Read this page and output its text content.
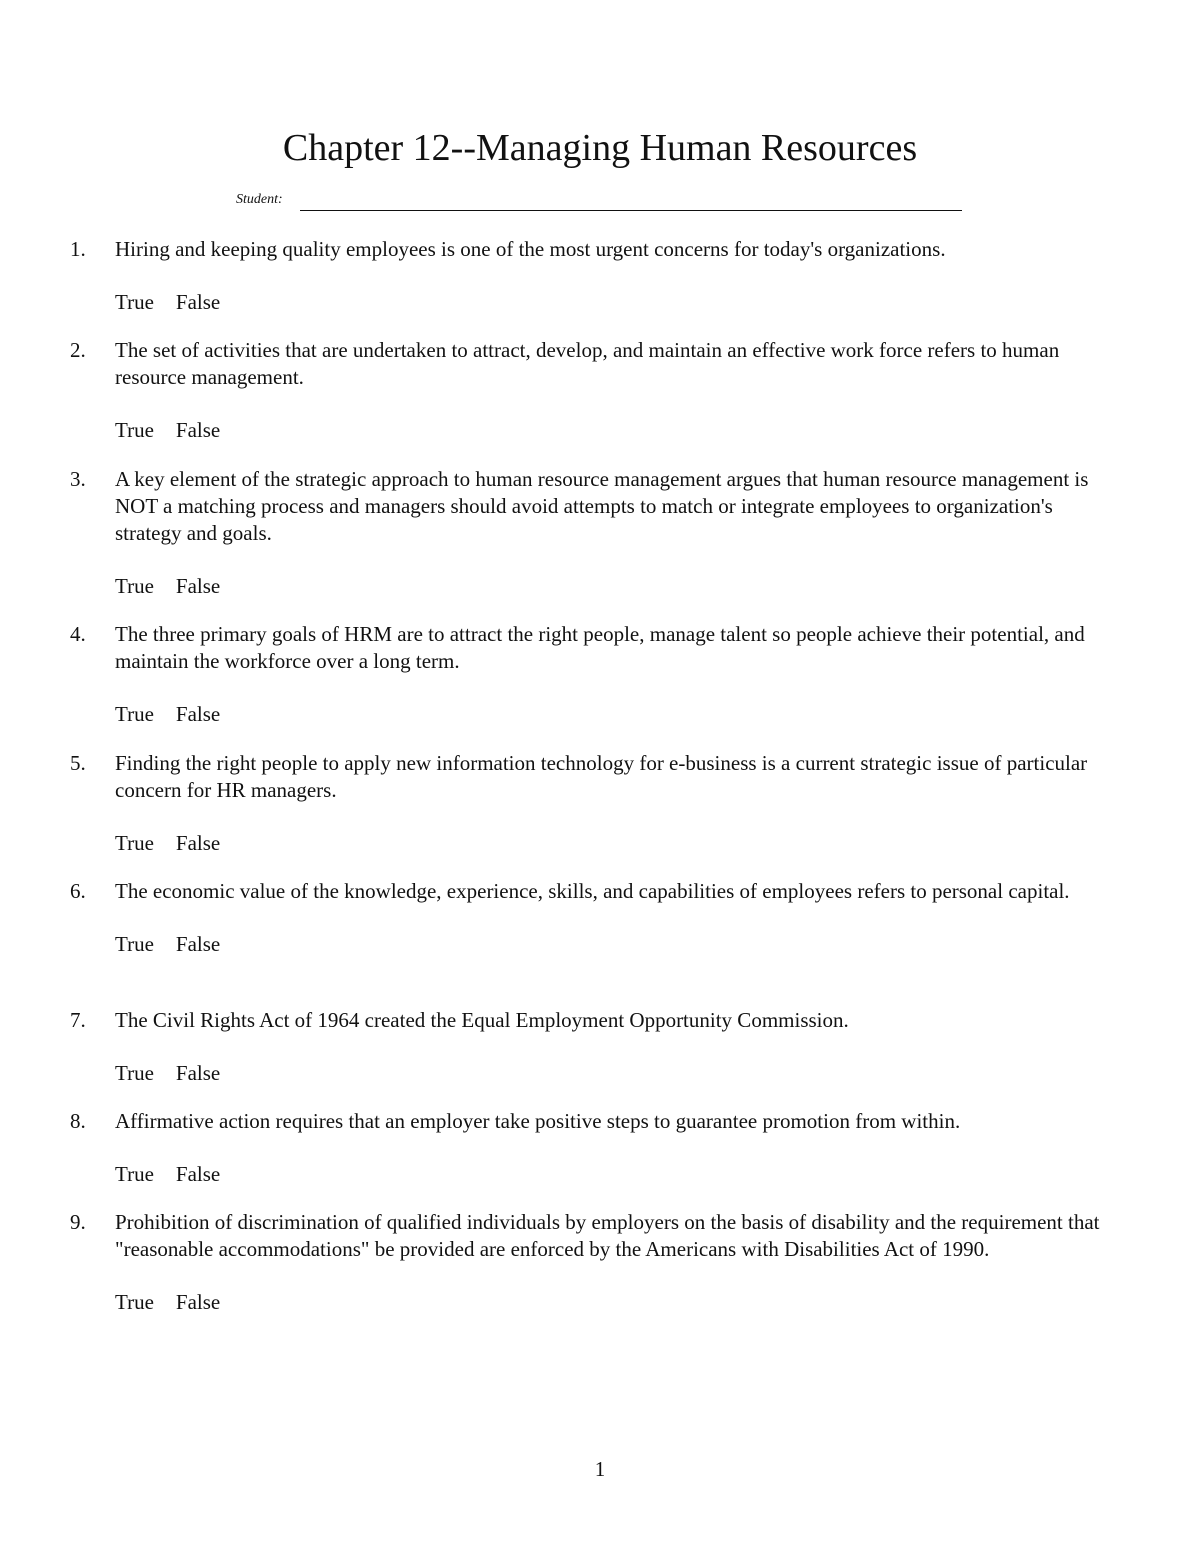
Chapter 12--Managing Human Resources
Student:
1. Hiring and keeping quality employees is one of the most urgent concerns for today's organizations.
True False
2. The set of activities that are undertaken to attract, develop, and maintain an effective work force refers to human resource management.
True False
3. A key element of the strategic approach to human resource management argues that human resource management is NOT a matching process and managers should avoid attempts to match or integrate employees to organization's strategy and goals.
True False
4. The three primary goals of HRM are to attract the right people, manage talent so people achieve their potential, and maintain the workforce over a long term.
True False
5. Finding the right people to apply new information technology for e-business is a current strategic issue of particular concern for HR managers.
True False
6. The economic value of the knowledge, experience, skills, and capabilities of employees refers to personal capital.
True False
7. The Civil Rights Act of 1964 created the Equal Employment Opportunity Commission.
True False
8. Affirmative action requires that an employer take positive steps to guarantee promotion from within.
True False
9. Prohibition of discrimination of qualified individuals by employers on the basis of disability and the requirement that "reasonable accommodations" be provided are enforced by the Americans with Disabilities Act of 1990.
True False
1
